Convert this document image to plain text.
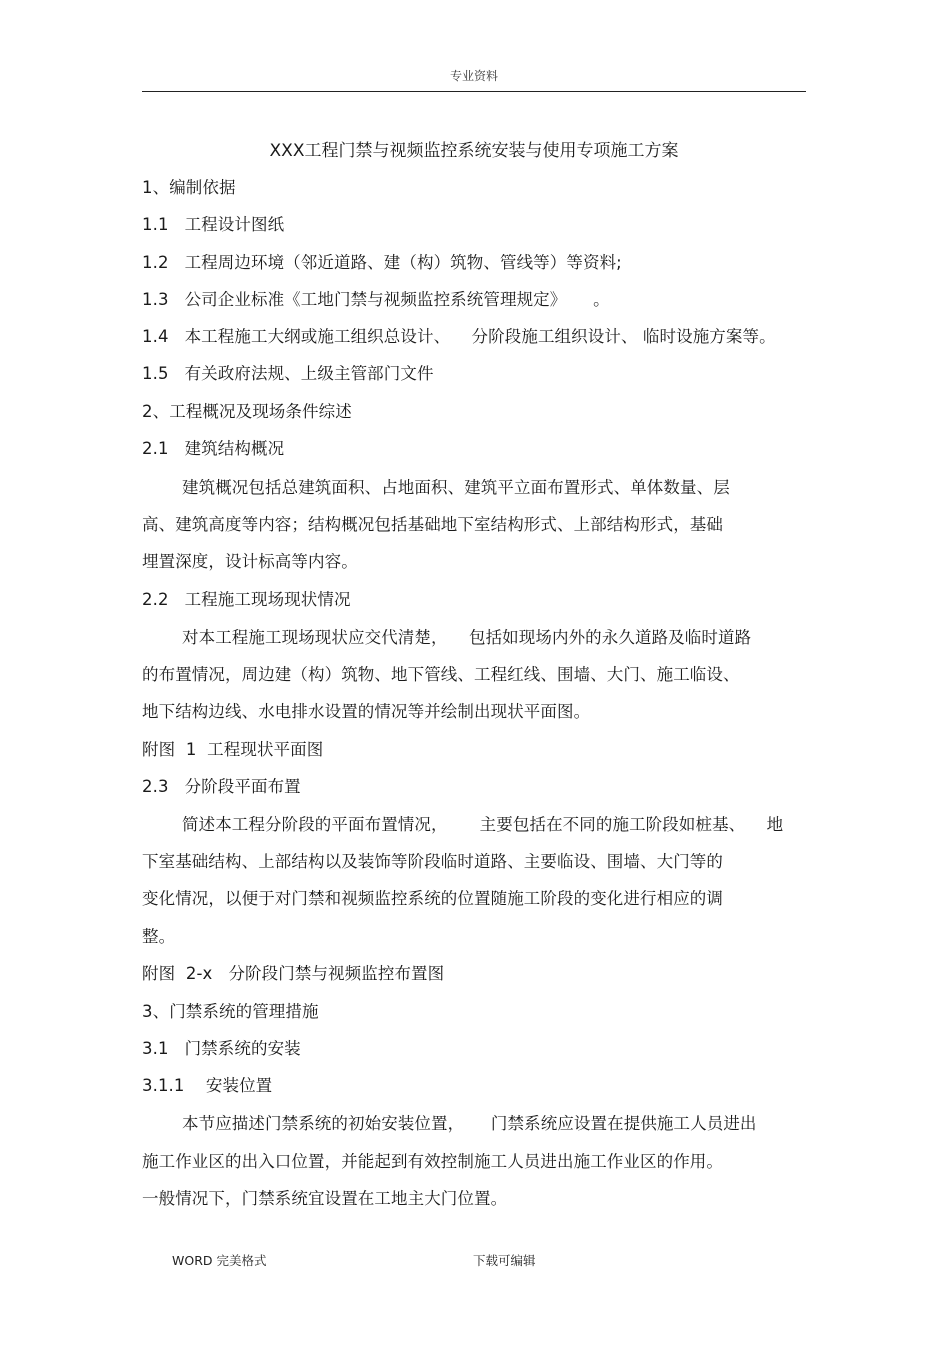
专业资料
XXX工程门禁与视频监控系统安装与使用专项施工方案
1、编制依据
1.1   工程设计图纸
1.2   工程周边环境（邻近道路、建（构）筑物、管线等）等资料;
1.3   公司企业标准《工地门禁与视频监控系统管理规定》     。
1.4   本工程施工大纲或施工组织总设计、    分阶段施工组织设计、 临时设施方案等。
1.5   有关政府法规、上级主管部门文件
2、工程概况及现场条件综述
2.1   建筑结构概况
建筑概况包括总建筑面积、占地面积、建筑平立面布置形式、单体数量、层
高、建筑高度等内容；结构概况包括基础地下室结构形式、上部结构形式，基础
埋置深度，设计标高等内容。
2.2   工程施工现场现状情况
对本工程施工现场现状应交代清楚，    包括如现场内外的永久道路及临时道路
的布置情况，周边建（构）筑物、地下管线、工程红线、围墙、大门、施工临设、
地下结构边线、水电排水设置的情况等并绘制出现状平面图。
附图  1  工程现状平面图
2.3   分阶段平面布置
简述本工程分阶段的平面布置情况，      主要包括在不同的施工阶段如桩基、    地
下室基础结构、上部结构以及装饰等阶段临时道路、主要临设、围墙、大门等的
变化情况，以便于对门禁和视频监控系统的位置随施工阶段的变化进行相应的调
整。
附图  2-x   分阶段门禁与视频监控布置图
3、门禁系统的管理措施
3.1   门禁系统的安装
3.1.1    安装位置
本节应描述门禁系统的初始安装位置，     门禁系统应设置在提供施工人员进出
施工作业区的出入口位置，并能起到有效控制施工人员进出施工作业区的作用。
一般情况下，门禁系统宜设置在工地主大门位置。
WORD 完美格式	下载可编辑
